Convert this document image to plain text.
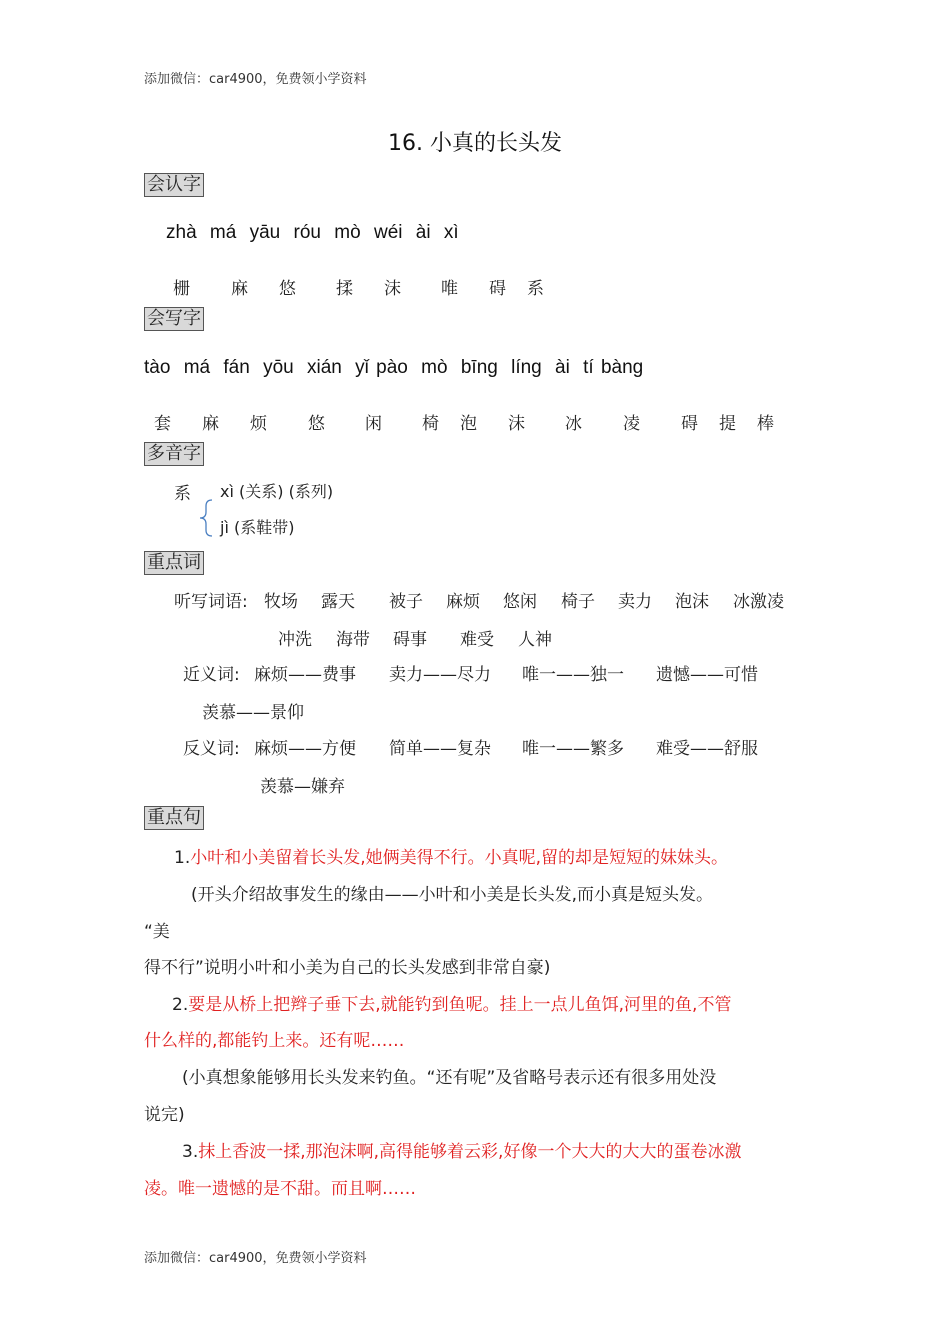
添加微信：car4900，免费领小学资料
16. 小真的长头发
会认字
zhà má yāu róu mò wéi ài xì
栅 麻 悠 揉 沫 唯 碍 系
会写字
tào má fán yōu xián yǐ pào mò bīng líng ài tí bàng
套 麻 烦 悠 闲 椅 泡 沫 冰 凌 碍 提 棒
多音字
系 xì (关系) (系列)
jì (系鞋带)
重点词
听写词语: 牧场 露天 被子 麻烦 悠闲 椅子 卖力 泡沫 冰激凌
冲洗 海带 碍事 难受 人神
近义词: 麻烦——费事 卖力——尽力 唯一——独一 遗憾——可惜
羡慕——景仰
反义词: 麻烦——方便 简单——复杂 唯一——繁多 难受——舒服
羡慕—嫌弃
重点句
1.小叶和小美留着长头发,她俩美得不行。小真呢,留的却是短短的妹妹头。
(开头介绍故事发生的缘由——小叶和小美是长头发,而小真是短头发。
“美
得不行”说明小叶和小美为自己的长头发感到非常自豪)
2.要是从桥上把辫子垂下去,就能钓到鱼呢。挂上一点儿鱼饵,河里的鱼,不管
什么样的,都能钓上来。还有呢……
(小真想象能够用长头发来钓鱼。“还有呢”及省略号表示还有很多用处没
说完)
3.抹上香波一揉,那泡沫啊,高得能够着云彩,好像一个大大的大大的蛋卷冰激
凌。唯一遗憾的是不甜。而且啊……
添加微信：car4900，免费领小学资料
